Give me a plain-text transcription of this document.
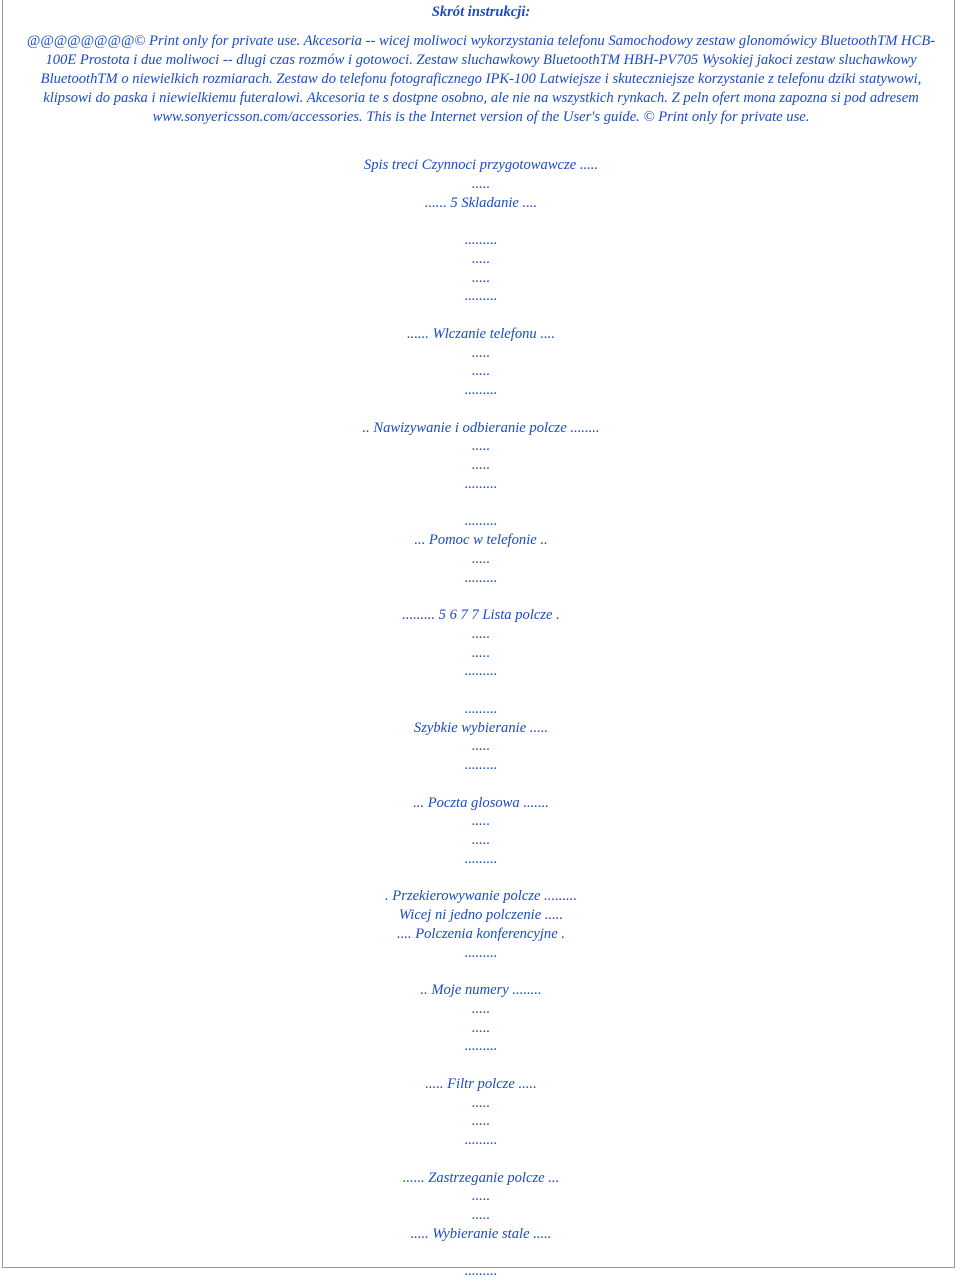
Skrót instrukcji:

@@@@@@@@© Print only for private use. Akcesoria -- wicej moliwoci wykorzystania telefonu Samochodowy zestaw glonomówicy BluetoothTM HCB-100E Prostota i due moliwoci -- dlugi czas rozmów i gotowoci. Zestaw sluchawkowy BluetoothTM HBH-PV705 Wysokiej jakoci zestaw sluchawkowy BluetoothTM o niewielkich rozmiarach. Zestaw do telefonu fotograficznego IPK-100 Latwiejsze i skuteczniejsze korzystanie z telefonu dziki statywowi, klipsowi do paska i niewielkiemu futeralowi. Akcesoria te s dostpne osobno, ale nie na wszystkich rynkach. Z peln ofert mona zapozna si pod adresem www.sonyericsson.com/accessories. This is the Internet version of the User's guide. © Print only for private use.

Spis treci Czynnoci przygotowawcze .....
.....
...... 5 Skladanie ....
.........
.....
.....
.........
...... Wlczanie telefonu ....
.....
.....
.........
.. Nawizywanie i odbieranie polcze ........
.....
.....
.........
.........
... Pomoc w telefonie ..
.....
.........
......... 5 6 7 7 Lista polcze .
.....
.....
.........
.........
Szybkie wybieranie .....
.....
.........
... Poczta glosowa .......
.....
.....
.........
. Przekierowywanie polcze .........
Wicej ni jedno polczenie .....
.... Polczenia konferencyjne .
.........
.. Moje numery ........
.....
.....
.........
..... Filtr polcze .....
.....
.....
.........
...... Zastrzeganie polcze ...
.....
.....
..... Wybieranie stale .....
.........
